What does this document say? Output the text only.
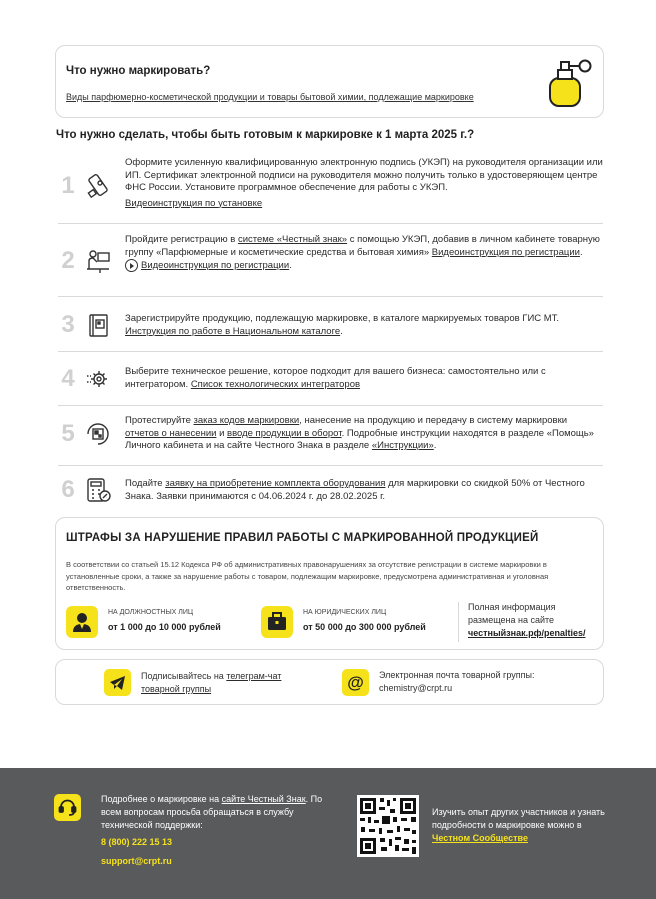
Что нужно маркировать?
Виды парфюмерно-косметической продукции и товары бытовой химии, подлежащие маркировке
Что нужно сделать, чтобы быть готовым к маркировке к 1 марта 2025 г.?
1
Оформите усиленную квалифицированную электронную подпись (УКЭП) на руководителя организации или ИП. Сертификат электронной подписи на руководителя можно получить только в удостоверяющем центре ФНС России. Установите программное обеспечение для работы с УКЭП.
Видеоинструкция по установке
2
Пройдите регистрацию в системе «Честный знак» с помощью УКЭП, добавив в личном кабинете товарную группу «Парфюмерные и косметические средства и бытовая химия» Видеоинструкция по регистрации.

Видеоинструкция по регистрации.
3	Зарегистрируйте продукцию, подлежащую маркировке, в каталоге маркируемых товаров ГИС МТ.
Инструкция по работе в Национальном каталоге.
4	Выберите техническое решение, которое подходит для вашего бизнеса: самостоятельно или с интегратором. Список технологических интеграторов
5	Протестируйте заказ кодов маркировки, нанесение на продукцию и передачу в систему маркировки отчетов о нанесении и вводе продукции в оборот. Подробные инструкции находятся в разделе «Помощь» Личного кабинета и на сайте Честного Знака в разделе «Инструкции».
6	Подайте заявку на приобретение комплекта оборудования для маркировки со скидкой 50% от Честного Знака. Заявки принимаются с 04.06.2024 г. до 28.02.2025 г.
ШТРАФЫ ЗА НАРУШЕНИЕ ПРАВИЛ РАБОТЫ С МАРКИРОВАННОЙ ПРОДУКЦИЕЙ
В соответствии со статьей 15.12 Кодекса РФ об административных правонарушениях за отсутствие регистрации в системе маркировки в установленные сроки, а также за нарушение работы с товаром, подлежащим маркировке, предусмотрена административная и уголовная ответственность.
НА ДОЛЖНОСТНЫХ ЛИЦ
от 1 000 до 10 000 рублей
НА ЮРИДИЧЕСКИХ ЛИЦ
от 50 000 до 300 000 рублей
Полная информация размещена на сайте
честныйзнак.рф/penalties/
Подписывайтесь на телеграм-чат товарной группы	@	Электронная почта товарной группы:
chemistry@crpt.ru
Подробнее о маркировке на сайте Честный Знак. По всем вопросам просьба обращаться в службу технической поддержки:
8 (800) 222 15 13
support@crpt.ru
Изучить опыт других участников и узнать подробности о маркировке можно в Честном Сообществе
